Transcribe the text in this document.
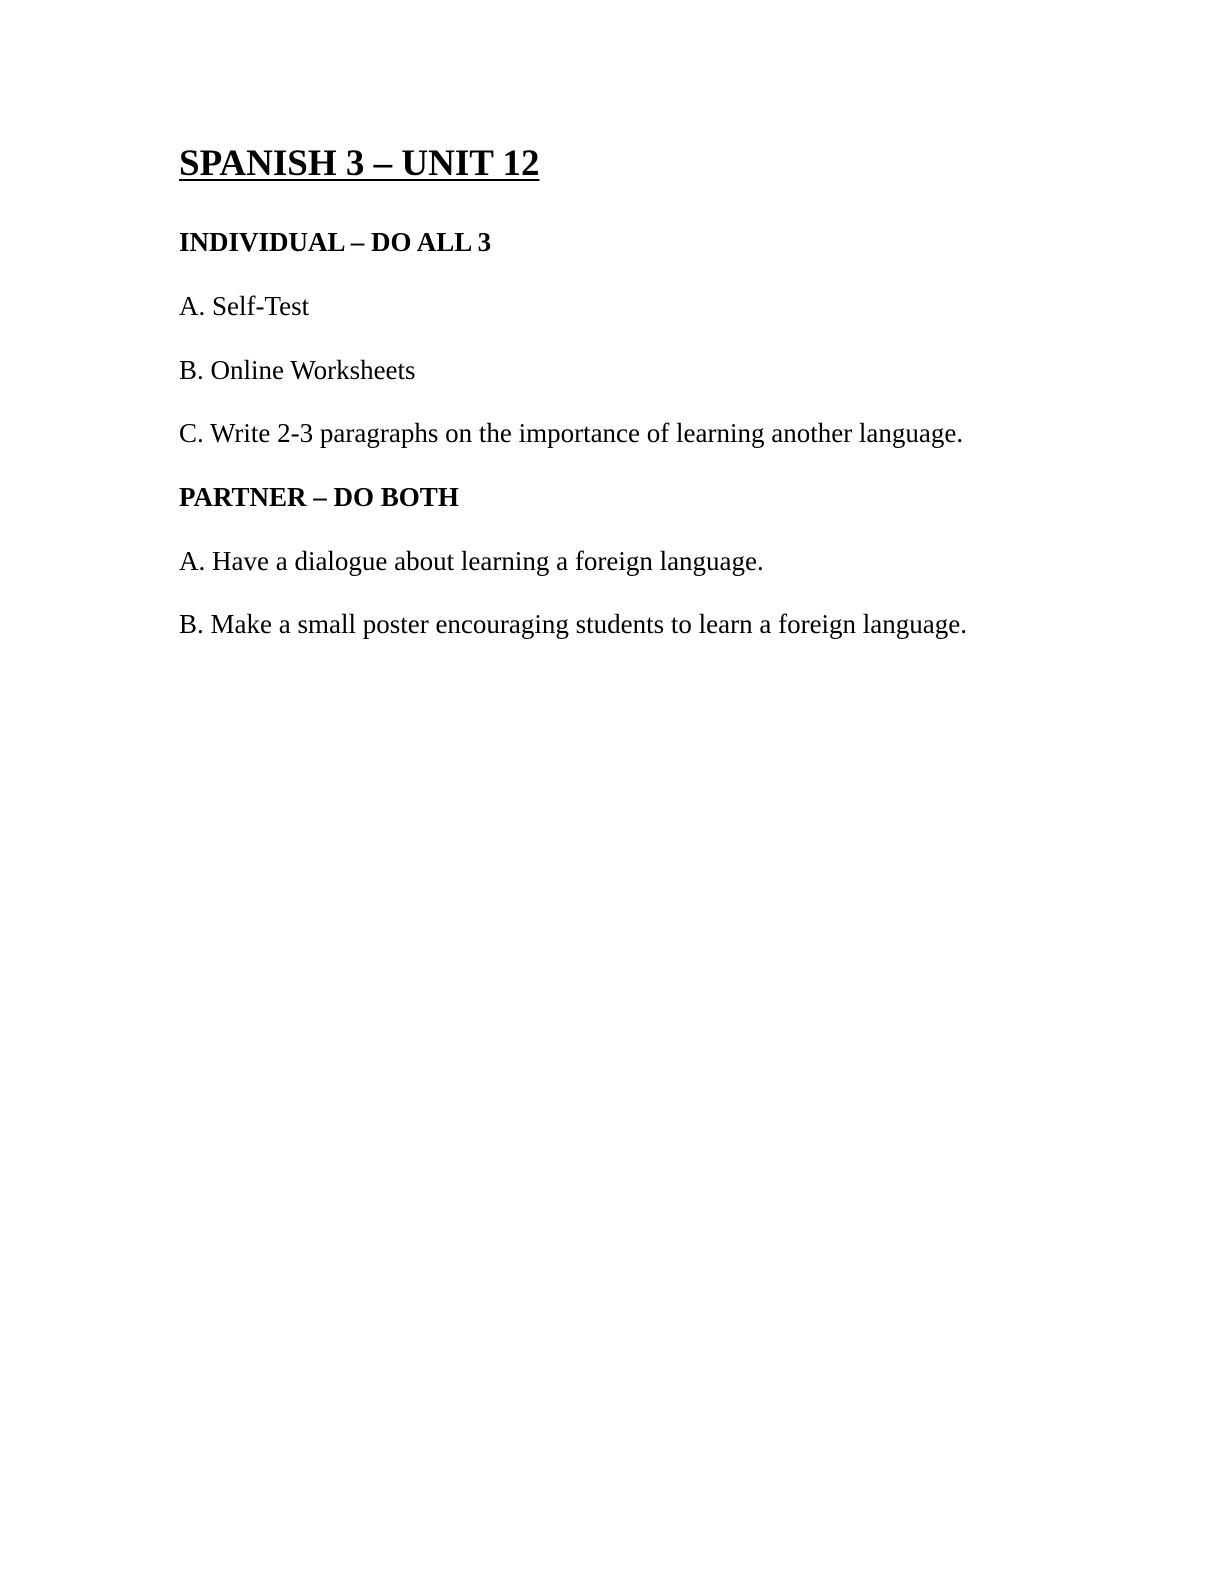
SPANISH 3 – UNIT 12
INDIVIDUAL – DO ALL 3

A. Self-Test

B. Online Worksheets

C. Write 2-3 paragraphs on the importance of learning another language.

PARTNER – DO BOTH

A. Have a dialogue about learning a foreign language.

B. Make a small poster encouraging students to learn a foreign language.
